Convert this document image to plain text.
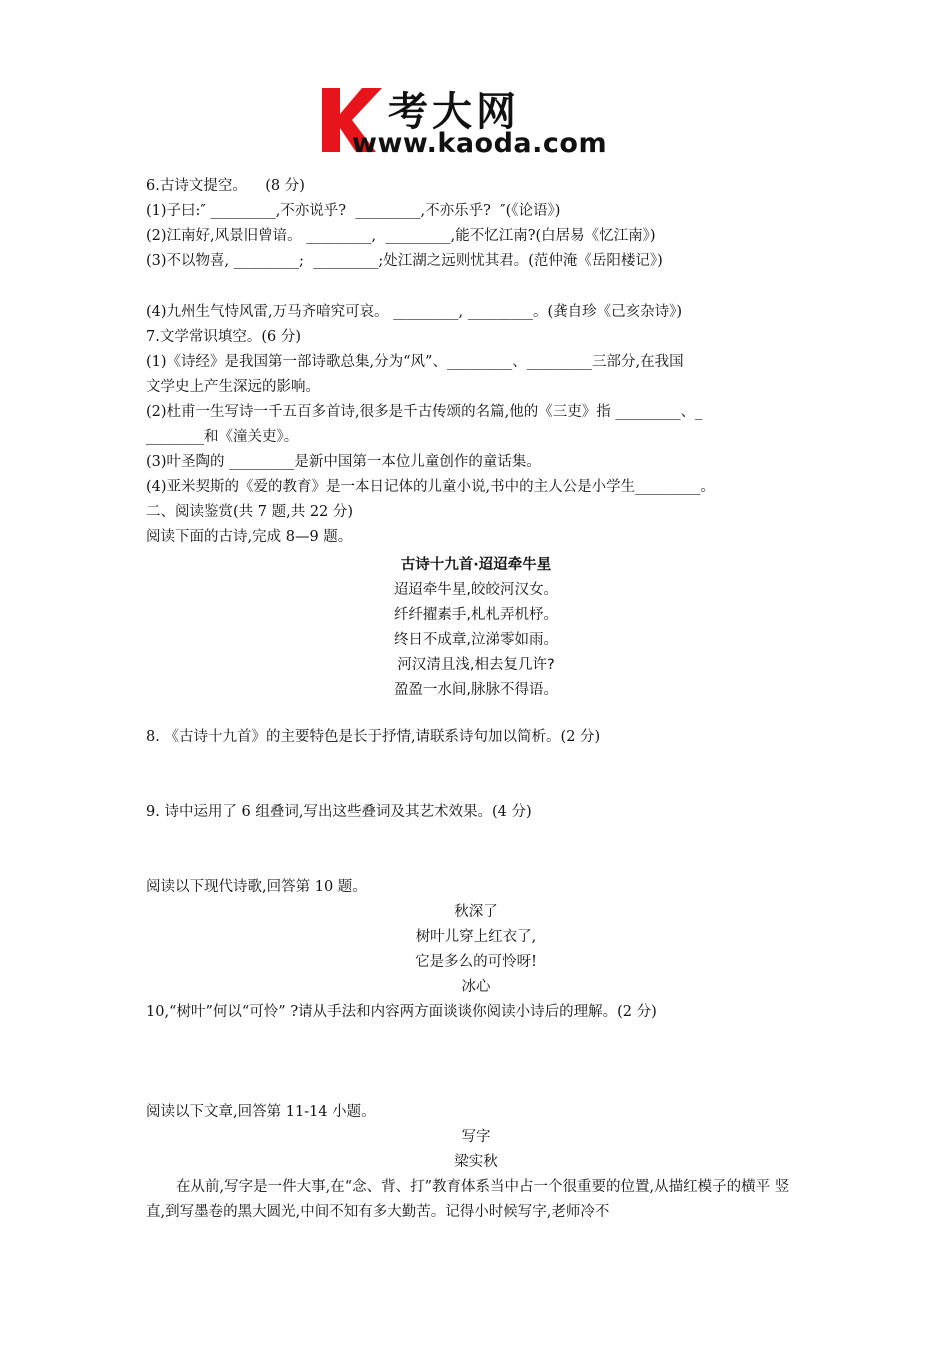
考大网
www.kaoda.com
6.古诗文提空。    (8 分)
(1)子曰:″ _________,不亦说乎?  _________,不亦乐乎?  ″(《论语》)
(2)江南好,风景旧曾谙。 _________,  _________,能不忆江南?(白居易《忆江南》)
(3)不以物喜, _________;  _________;处江湖之远则忧其君。(范仲淹《岳阳楼记》)
(4)九州生气恃风雷,万马齐喑究可哀。 _________, _________。(龚自珍《己亥杂诗》)
7.文学常识填空。(6 分)
(1)《诗经》是我国第一部诗歌总集,分为“风”、_________、_________三部分,在我国
文学史上产生深远的影响。
(2)杜甫一生写诗一千五百多首诗,很多是千古传颂的名篇,他的《三吏》指 _________、_
________和《潼关吏》。
(3)叶圣陶的 _________是新中国第一本位儿童创作的童话集。
(4)亚米契斯的《爱的教育》是一本日记体的儿童小说,书中的主人公是小学生_________。
二、阅读鉴赏(共 7 题,共 22 分)
阅读下面的古诗,完成 8—9 题。
古诗十九首·迢迢牵牛星
迢迢牵牛星,皎皎河汉女。
纤纤擢素手,札札弄机杼。
终日不成章,泣涕零如雨。
河汉清且浅,相去复几许?
盈盈一水间,脉脉不得语。
8. 《古诗十九首》的主要特色是长于抒情,请联系诗句加以简析。(2 分)
9. 诗中运用了 6 组叠词,写出这些叠词及其艺术效果。(4 分)
阅读以下现代诗歌,回答第 10 题。
秋深了
树叶儿穿上红衣了,
它是多么的可怜呀!
冰心
10,“树叶”何以“可怜” ?请从手法和内容两方面谈谈你阅读小诗后的理解。(2 分)
阅读以下文章,回答第 11-14 小题。
写字
梁实秋
在从前,写字是一件大事,在“念、背、打”教育体系当中占一个很重要的位置,从描红模子的横平 竖直,到写墨卷的黑大圆光,中间不知有多大勤苦。记得小时候写字,老师冷不
